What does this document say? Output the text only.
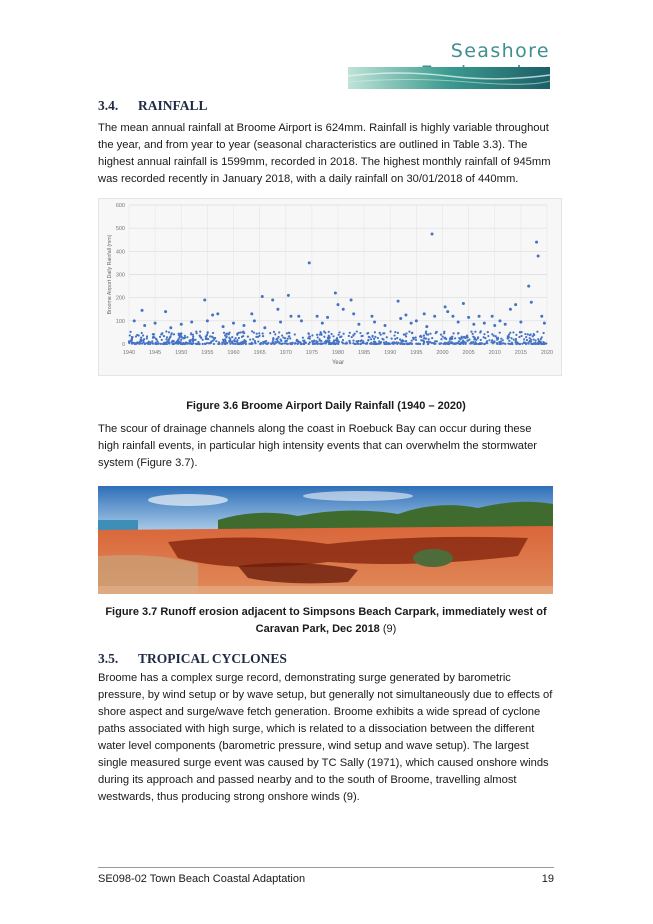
Seashore
3.4. RAINFALL
The mean annual rainfall at Broome Airport is 624mm. Rainfall is highly variable throughout the year, and from year to year (seasonal characteristics are outlined in Table 3.3). The highest annual rainfall is 1599mm, recorded in 2018. The highest monthly rainfall of 945mm was recorded recently in January 2018, with a daily rainfall on 30/01/2018 of 440mm.
0
100
200
300
400
500
600
1940	1945	1950	1955	1960	1965	1970	1975	1980	1985	1990	1995	2000	2005	2010	2015	2020
Year
Broome Airport Daily Rainfall (mm)
Figure 3.6 Broome Airport Daily Rainfall (1940 – 2020)
The scour of drainage channels along the coast in Roebuck Bay can occur during these high rainfall events, in particular high intensity events that can overwhelm the stormwater system (Figure 3.7).
Figure 3.7 Runoff erosion adjacent to Simpsons Beach Carpark, immediately west of Caravan Park, Dec 2018 (9)
3.5. TROPICAL CYCLONES
Broome has a complex surge record, demonstrating surge generated by barometric pressure, by wind setup or by wave setup, but generally not simultaneously due to effects of shore aspect and surge/wave fetch generation. Broome exhibits a wide spread of cyclone paths associated with high surge, which is related to a dissociation between the different water level components (barometric pressure, wind setup and wave setup). The largest single measured surge event was caused by TC Sally (1971), which caused onshore winds during its approach and passed nearby and to the south of Broome, travelling almost westwards, thus producing strong onshore winds (9).
SE098-02 Town Beach Coastal Adaptation	19
